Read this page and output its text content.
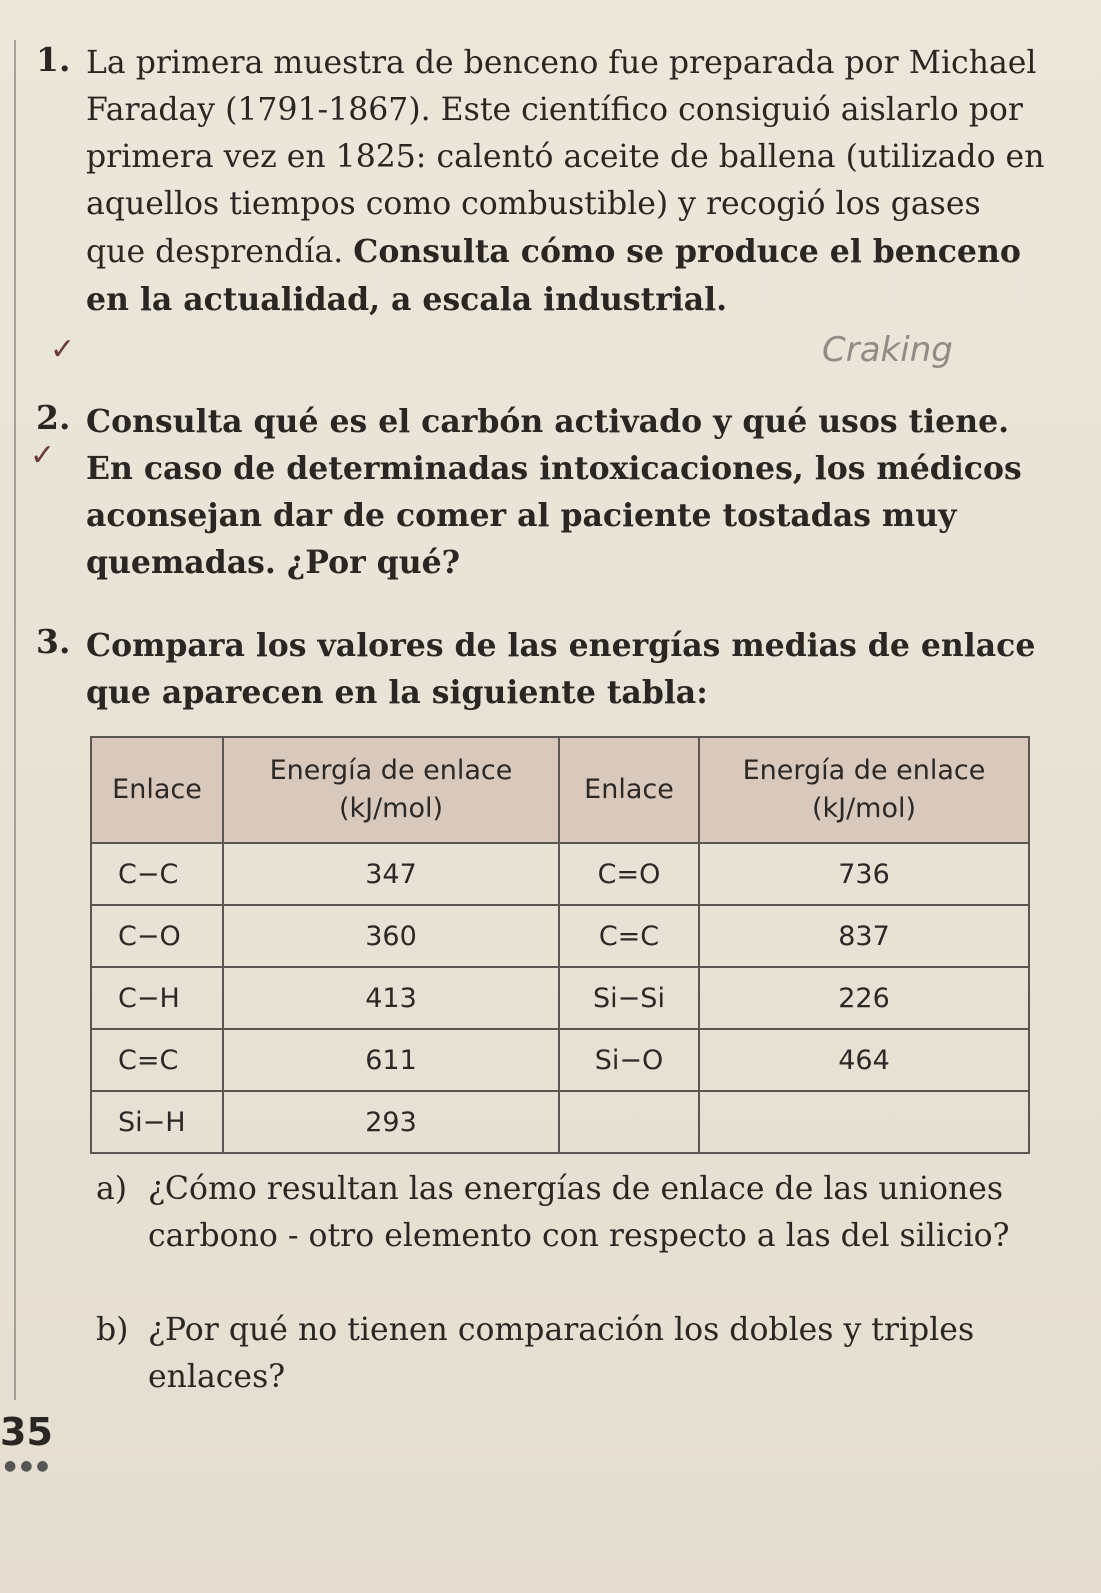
1. La primera muestra de benceno fue preparada por Michael Faraday (1791-1867). Este científico consiguió aislarlo por primera vez en 1825: calentó aceite de ballena (utilizado en aquellos tiempos como combustible) y recogió los gases que desprendía. Consulta cómo se produce el benceno en la actualidad, a escala industrial.
✓	Craking
2. Consulta qué es el carbón activado y qué usos tiene. En caso de determinadas intoxicaciones, los médicos aconsejan dar de comer al paciente tostadas muy quemadas. ¿Por qué?
✓
3. Compara los valores de las energías medias de enlace que aparecen en la siguiente tabla:
Enlace	Energía de enlace (kJ/mol)	Enlace	Energía de enlace (kJ/mol)
C−C	347	C=O	736
C−O	360	C=C	837
C−H	413	Si−Si	226
C=C	611	Si−O	464
Si−H	293		
a) ¿Cómo resultan las energías de enlace de las uniones carbono - otro elemento con respecto a las del silicio?
b) ¿Por qué no tienen comparación los dobles y triples enlaces?
35
●●●
